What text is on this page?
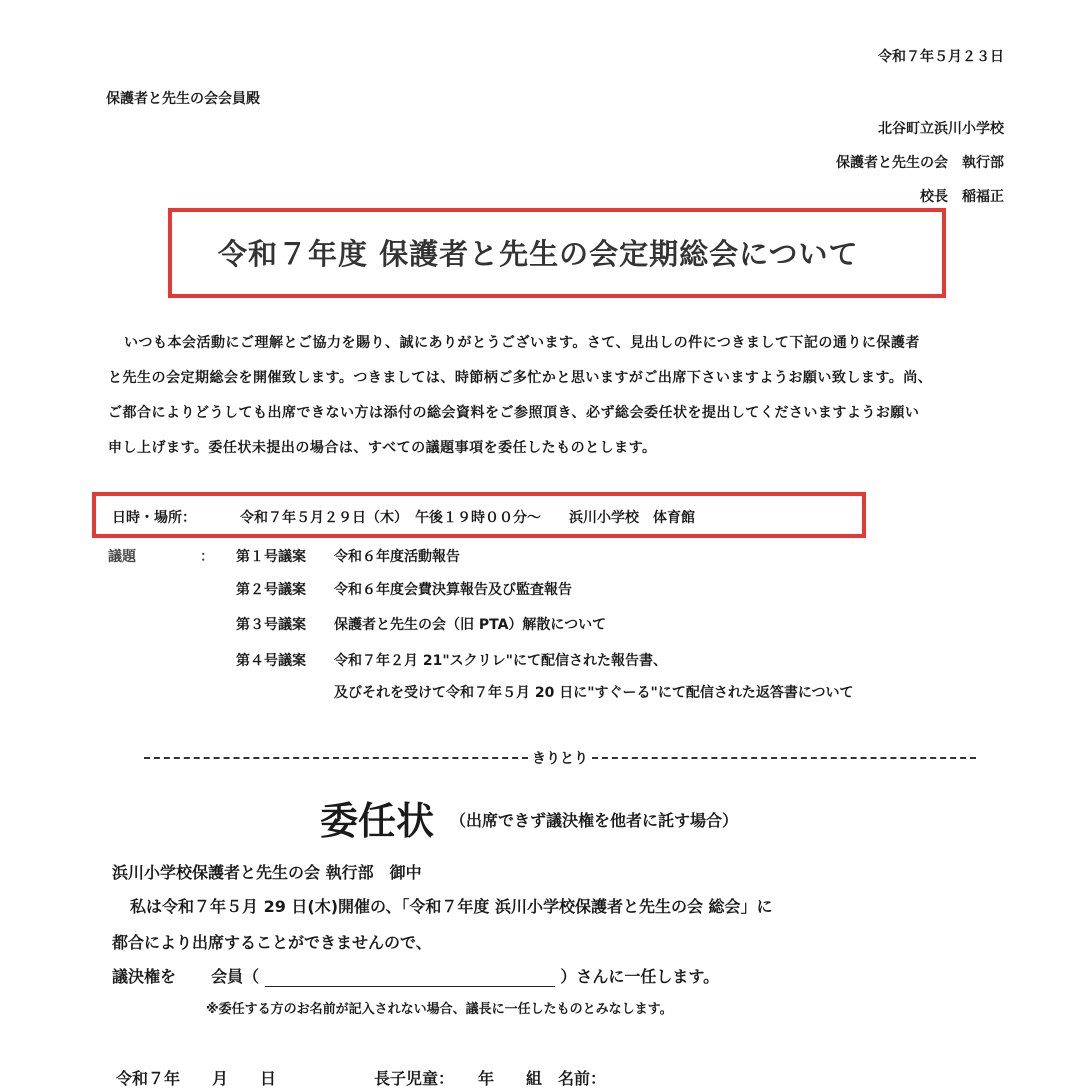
令和７年５月２３日
保護者と先生の会会員殿
北谷町立浜川小学校
保護者と先生の会　執行部
校長　稲福正
令和７年度 保護者と先生の会定期総会について
いつも本会活動にご理解とご協力を賜り、誠にありがとうございます。さて、見出しの件につきまして下記の通りに保護者
と先生の会定期総会を開催致します。つきましては、時節柄ご多忙かと思いますがご出席下さいますようお願い致します。尚、
ご都合によりどうしても出席できない方は添付の総会資料をご参照頂き、必ず総会委任状を提出してくださいますようお願い
申し上げます。委任状未提出の場合は、すべての議題事項を委任したものとします。
日時・場所：	令和７年５月２９日（木）　午後１９時００分〜　　浜川小学校　体育館
議題	： 第１号議案 令和６年度活動報告
第２号議案 令和６年度会費決算報告及び監査報告
第３号議案 保護者と先生の会（旧 PTA）解散について
第４号議案 令和７年２月 21"スクリレ"にて配信された報告書、
及びそれを受けて令和７年５月 20 日に"すぐーる"にて配信された返答書について
きりとり
委任状 （出席できず議決権を他者に託す場合）
浜川小学校保護者と先生の会 執行部　御中
私は令和７年５月 29 日(木)開催の、「令和７年度 浜川小学校保護者と先生の会 総会」に
都合により出席することができませんので、
議決権を 会員（	）さんに一任します。
※委任する方のお名前が記入されない場合、議長に一任したものとみなします。
令和７年　　月　　日	長子児童：　　年　　組　名前：
